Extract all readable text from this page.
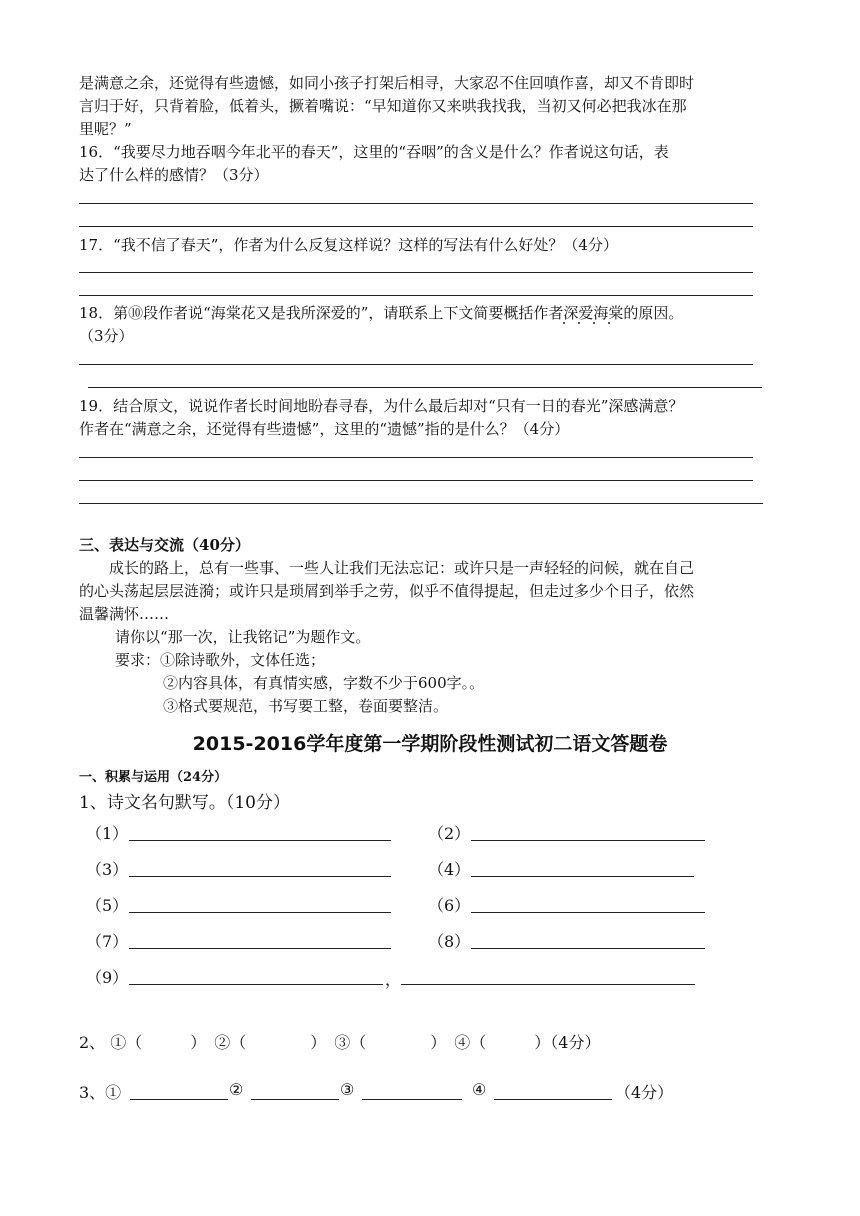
是满意之余，还觉得有些遗憾，如同小孩子打架后相寻，大家忍不住回嗔作喜，却又不肯即时
言归于好，只背着脸，低着头，撅着嘴说：“早知道你又来哄我找我，当初又何必把我冰在那
里呢？”
16．“我要尽力地吞咽今年北平的春天”，这里的“吞咽”的含义是什么？作者说这句话，表
达了什么样的感情？（3分）
17．“我不信了春天”，作者为什么反复这样说？这样的写法有什么好处？（4分）
18．第⑩段作者说“海棠花又是我所深爱的”，请联系上下文简要概括作者深爱海棠的原因。
（3分）
19．结合原文，说说作者长时间地盼春寻春，为什么最后却对“只有一日的春光”深感满意？
作者在“满意之余，还觉得有些遗憾”，这里的“遗憾”指的是什么？（4分）
三、表达与交流（40分）
成长的路上，总有一些事、一些人让我们无法忘记：或许只是一声轻轻的问候，就在自己
的心头荡起层层涟漪；或许只是琐屑到举手之劳，似乎不值得提起，但走过多少个日子，依然
温馨满怀……
请你以“那一次，让我铭记”为题作文。
要求：①除诗歌外，文体任选；
②内容具体，有真情实感，字数不少于600字。。
③格式要规范，书写要工整，卷面要整洁。
2015-2016学年度第一学期阶段性测试初二语文答题卷
一、积累与运用（24分）
1、诗文名句默写。（10分）
（1）	（2）
（3）	（4）
（5）	（6）
（7）	（8）
（9）	，
2、 ①（　　　）　②（　　　　）　③（　　　　）　④（　　　）（4分）
3、①	②	③	④	（4分）
